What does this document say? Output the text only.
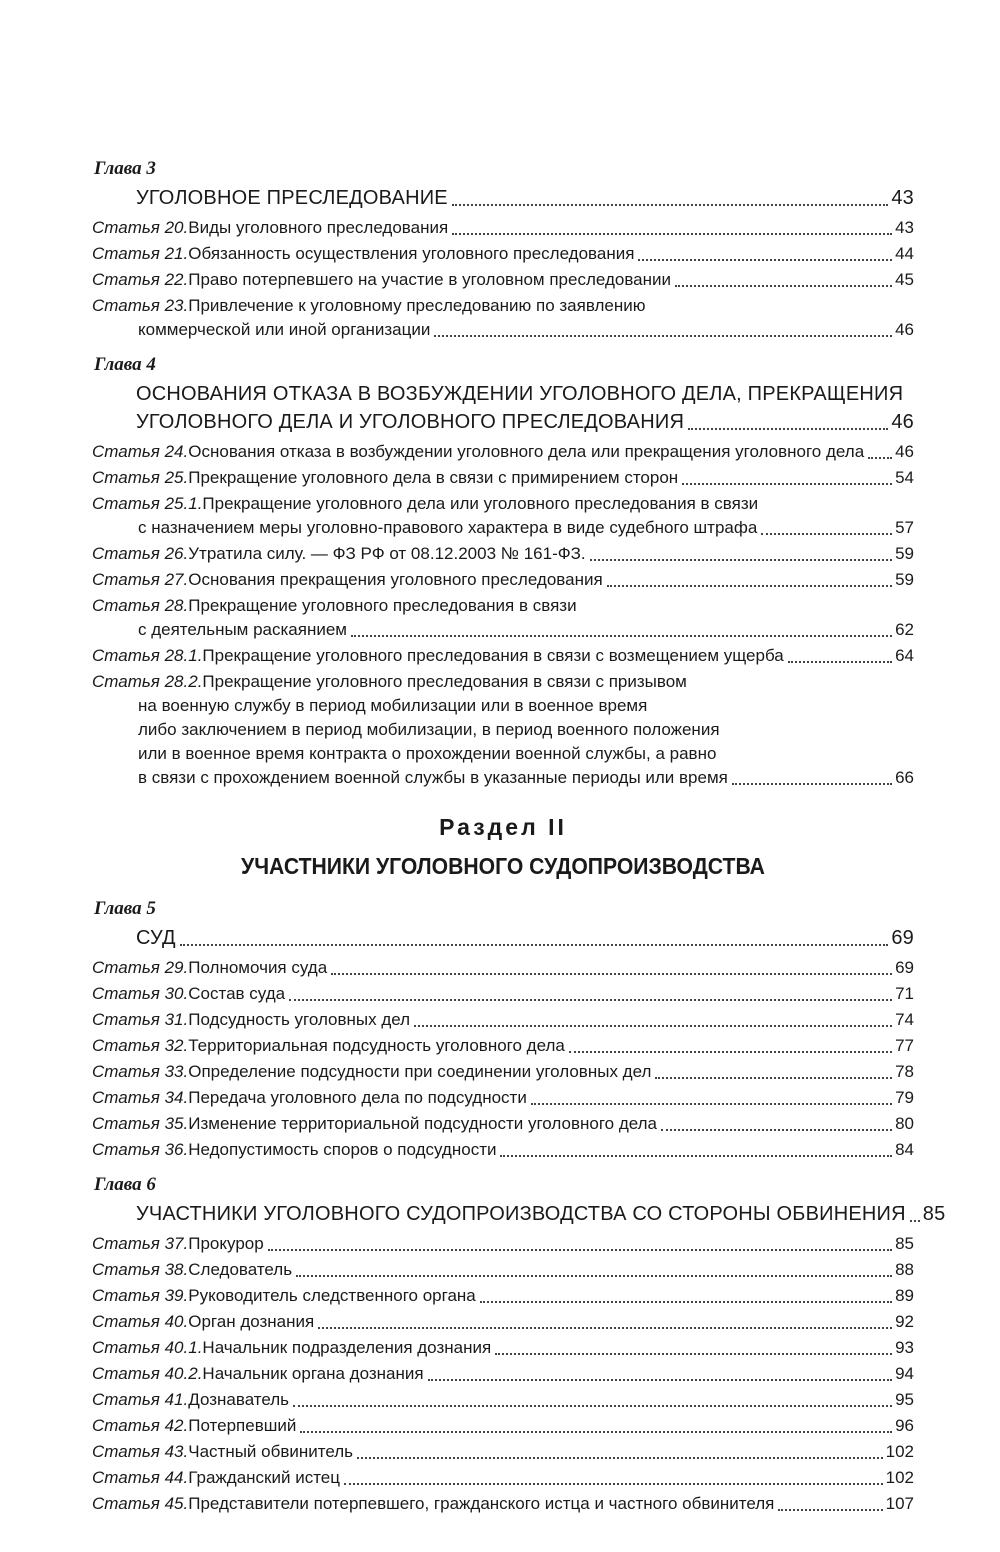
Глава 3
УГОЛОВНОЕ ПРЕСЛЕДОВАНИЕ	43
Статья 20. Виды уголовного преследования	43
Статья 21. Обязанность осуществления уголовного преследования	44
Статья 22. Право потерпевшего на участие в уголовном преследовании	45
Статья 23. Привлечение к уголовному преследованию по заявлению
коммерческой или иной организации	46
Глава 4
ОСНОВАНИЯ ОТКАЗА В ВОЗБУЖДЕНИИ УГОЛОВНОГО ДЕЛА, ПРЕКРАЩЕНИЯ
УГОЛОВНОГО ДЕЛА И УГОЛОВНОГО ПРЕСЛЕДОВАНИЯ	46
Статья 24. Основания отказа в возбуждении уголовного дела или прекращения уголовного дела 46
Статья 25. Прекращение уголовного дела в связи с примирением сторон	54
Статья 25.1. Прекращение уголовного дела или уголовного преследования в связи
с назначением меры уголовно-правового характера в виде судебного штрафа	57
Статья 26. Утратила силу. — ФЗ РФ от 08.12.2003 № 161-ФЗ.	59
Статья 27. Основания прекращения уголовного преследования	59
Статья 28. Прекращение уголовного преследования в связи
с деятельным раскаянием	62
Статья 28.1. Прекращение уголовного преследования в связи с возмещением ущерба	64
Статья 28.2. Прекращение уголовного преследования в связи с призывом
на военную службу в период мобилизации или в военное время
либо заключением в период мобилизации, в период военного положения
или в военное время контракта о прохождении военной службы, а равно
в связи с прохождением военной службы в указанные периоды или время	66
Раздел II
УЧАСТНИКИ УГОЛОВНОГО СУДОПРОИЗВОДСТВА
Глава 5
СУД	69
Статья 29. Полномочия суда	69
Статья 30. Состав суда	71
Статья 31. Подсудность уголовных дел	74
Статья 32. Территориальная подсудность уголовного дела	77
Статья 33. Определение подсудности при соединении уголовных дел	78
Статья 34. Передача уголовного дела по подсудности	79
Статья 35. Изменение территориальной подсудности уголовного дела	80
Статья 36. Недопустимость споров о подсудности	84
Глава 6
УЧАСТНИКИ УГОЛОВНОГО СУДОПРОИЗВОДСТВА СО СТОРОНЫ ОБВИНЕНИЯ 85
Статья 37. Прокурор	85
Статья 38. Следователь	88
Статья 39. Руководитель следственного органа	89
Статья 40. Орган дознания	92
Статья 40.1. Начальник подразделения дознания	93
Статья 40.2. Начальник органа дознания	94
Статья 41. Дознаватель	95
Статья 42. Потерпевший	96
Статья 43. Частный обвинитель	102
Статья 44. Гражданский истец	102
Статья 45. Представители потерпевшего, гражданского истца и частного обвинителя	107
